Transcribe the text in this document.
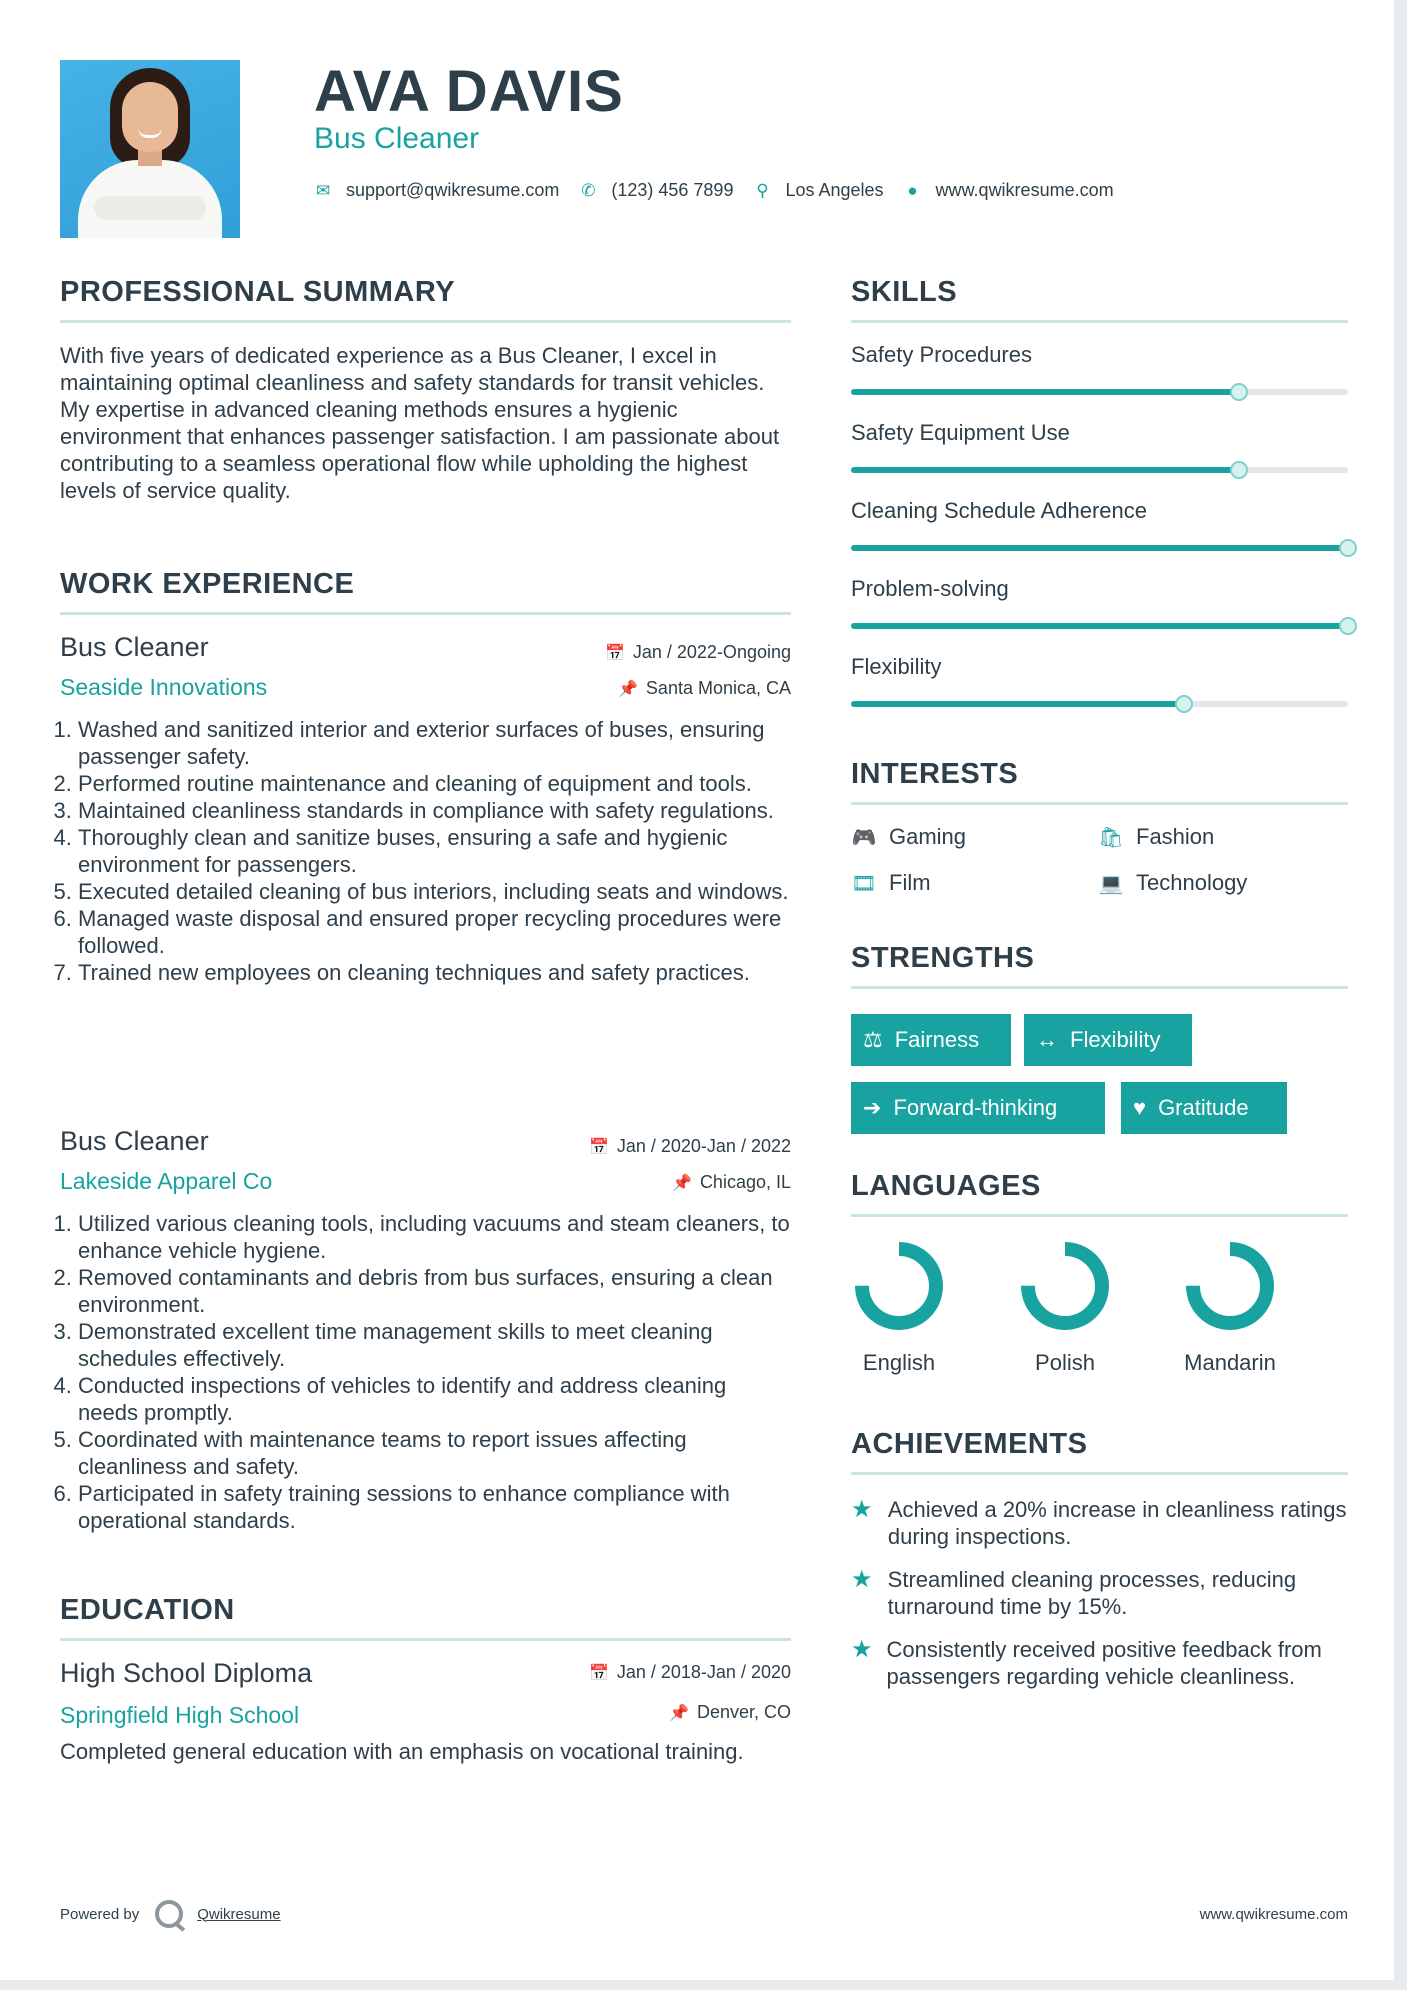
AVA DAVIS
Bus Cleaner
✉ support@qwikresume.com ✆ (123) 456 7899 ⚲ Los Angeles ● www.qwikresume.com
PROFESSIONAL SUMMARY
With five years of dedicated experience as a Bus Cleaner, I excel in maintaining optimal cleanliness and safety standards for transit vehicles. My expertise in advanced cleaning methods ensures a hygienic environment that enhances passenger satisfaction. I am passionate about contributing to a seamless operational flow while upholding the highest levels of service quality.
WORK EXPERIENCE
Bus Cleaner	📅 Jan / 2022-Ongoing
Seaside Innovations	📌 Santa Monica, CA
1. Washed and sanitized interior and exterior surfaces of buses, ensuring passenger safety.
2. Performed routine maintenance and cleaning of equipment and tools.
3. Maintained cleanliness standards in compliance with safety regulations.
4. Thoroughly clean and sanitize buses, ensuring a safe and hygienic environment for passengers.
5. Executed detailed cleaning of bus interiors, including seats and windows.
6. Managed waste disposal and ensured proper recycling procedures were followed.
7. Trained new employees on cleaning techniques and safety practices.
Bus Cleaner	📅 Jan / 2020-Jan / 2022
Lakeside Apparel Co	📌 Chicago, IL
1. Utilized various cleaning tools, including vacuums and steam cleaners, to enhance vehicle hygiene.
2. Removed contaminants and debris from bus surfaces, ensuring a clean environment.
3. Demonstrated excellent time management skills to meet cleaning schedules effectively.
4. Conducted inspections of vehicles to identify and address cleaning needs promptly.
5. Coordinated with maintenance teams to report issues affecting cleanliness and safety.
6. Participated in safety training sessions to enhance compliance with operational standards.
EDUCATION
High School Diploma	📅 Jan / 2018-Jan / 2020
Springfield High School	📌 Denver, CO
Completed general education with an emphasis on vocational training.
SKILLS
Safety Procedures
Safety Equipment Use
Cleaning Schedule Adherence
Problem-solving
Flexibility
INTERESTS
🎮 Gaming	🛍 Fashion
🎞 Film	💻 Technology
STRENGTHS
⚖ Fairness	↔ Flexibility
➔ Forward-thinking	♥ Gratitude
LANGUAGES
English	Polish	Mandarin
ACHIEVEMENTS
★ Achieved a 20% increase in cleanliness ratings during inspections.
★ Streamlined cleaning processes, reducing turnaround time by 15%.
★ Consistently received positive feedback from passengers regarding vehicle cleanliness.
Powered by	Qwikresume	www.qwikresume.com
